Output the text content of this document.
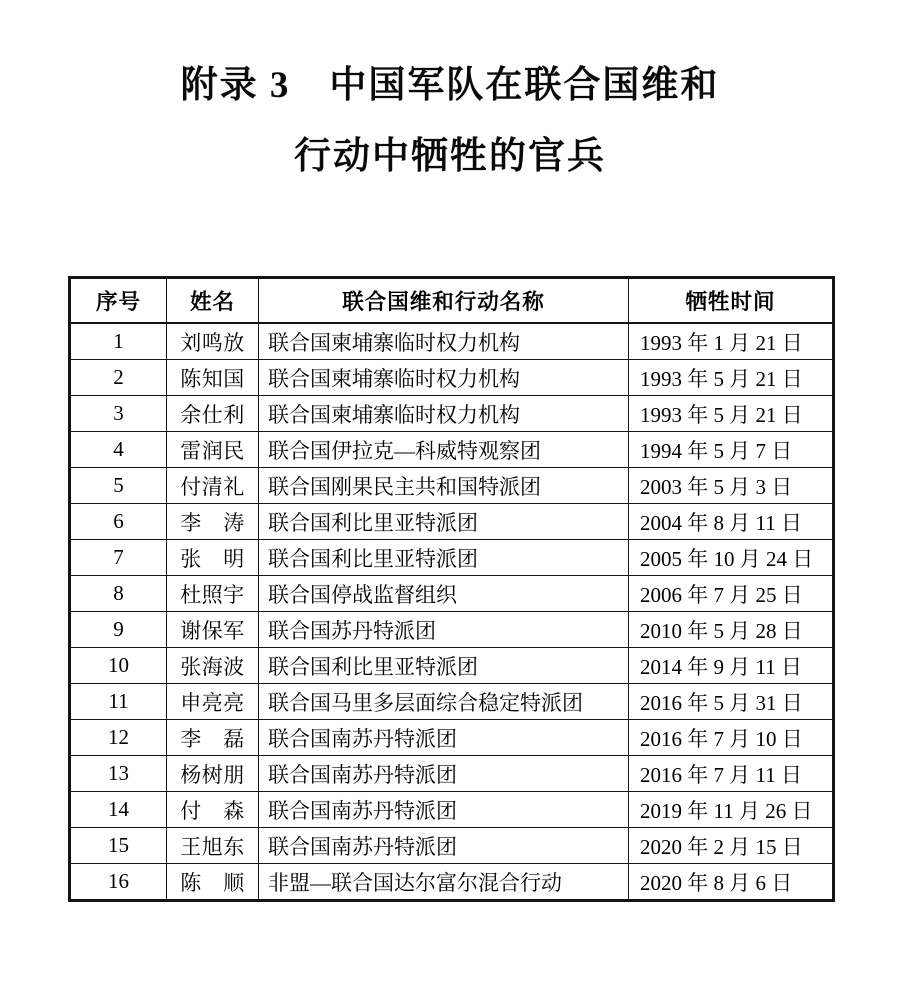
附录 3　中国军队在联合国维和
行动中牺牲的官兵
序号	姓名	联合国维和行动名称	牺牲时间
1	刘鸣放	联合国柬埔寨临时权力机构	1993 年 1 月 21 日
2	陈知国	联合国柬埔寨临时权力机构	1993 年 5 月 21 日
3	余仕利	联合国柬埔寨临时权力机构	1993 年 5 月 21 日
4	雷润民	联合国伊拉克—科威特观察团	1994 年 5 月 7 日
5	付清礼	联合国刚果民主共和国特派团	2003 年 5 月 3 日
6	李　涛	联合国利比里亚特派团	2004 年 8 月 11 日
7	张　明	联合国利比里亚特派团	2005 年 10 月 24 日
8	杜照宇	联合国停战监督组织	2006 年 7 月 25 日
9	谢保军	联合国苏丹特派团	2010 年 5 月 28 日
10	张海波	联合国利比里亚特派团	2014 年 9 月 11 日
11	申亮亮	联合国马里多层面综合稳定特派团	2016 年 5 月 31 日
12	李　磊	联合国南苏丹特派团	2016 年 7 月 10 日
13	杨树朋	联合国南苏丹特派团	2016 年 7 月 11 日
14	付　森	联合国南苏丹特派团	2019 年 11 月 26 日
15	王旭东	联合国南苏丹特派团	2020 年 2 月 15 日
16	陈　顺	非盟—联合国达尔富尔混合行动	2020 年 8 月 6 日
